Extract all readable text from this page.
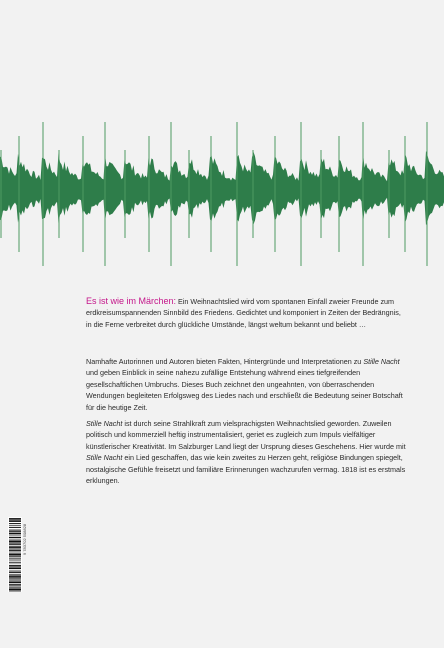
Es ist wie im Märchen: Ein Weihnachtslied wird vom spontanen Einfall zweier Freunde zum erdkreisumspannenden Sinnbild des Friedens. Gedichtet und komponiert in Zeiten der Bedrängnis, in die Ferne verbreitet durch glückliche Umstände, längst weltum bekannt und beliebt …

Namhafte Autorinnen und Autoren bieten Fakten, Hintergründe und Interpretationen zu Stille Nacht und geben Einblick in seine nahezu zufällige Entstehung während eines tiefgreifenden gesellschaftlichen Umbruchs. Dieses Buch zeichnet den ungeahnten, von überraschenden Wendungen begleiteten Erfolgsweg des Liedes nach und erschließt die Bedeutung seiner Botschaft für die heutige Zeit.

Stille Nacht ist durch seine Strahlkraft zum vielsprachigsten Weihnachtslied geworden. Zuweilen politisch und kommerziell heftig instrumentalisiert, geriet es zugleich zum Impuls vielfältiger künstlerischer Kreativität. Im Salzburger Land liegt der Ursprung dieses Geschehens. Hier wurde mit Stille Nacht ein Lied geschaffen, das wie kein zweites zu Herzen geht, religiöse Bindungen spiegelt, nostalgische Gefühle freisetzt und familiäre Erinnerungen wachzurufen vermag. 1818 ist es erstmals erklungen.

9 783702 508828
